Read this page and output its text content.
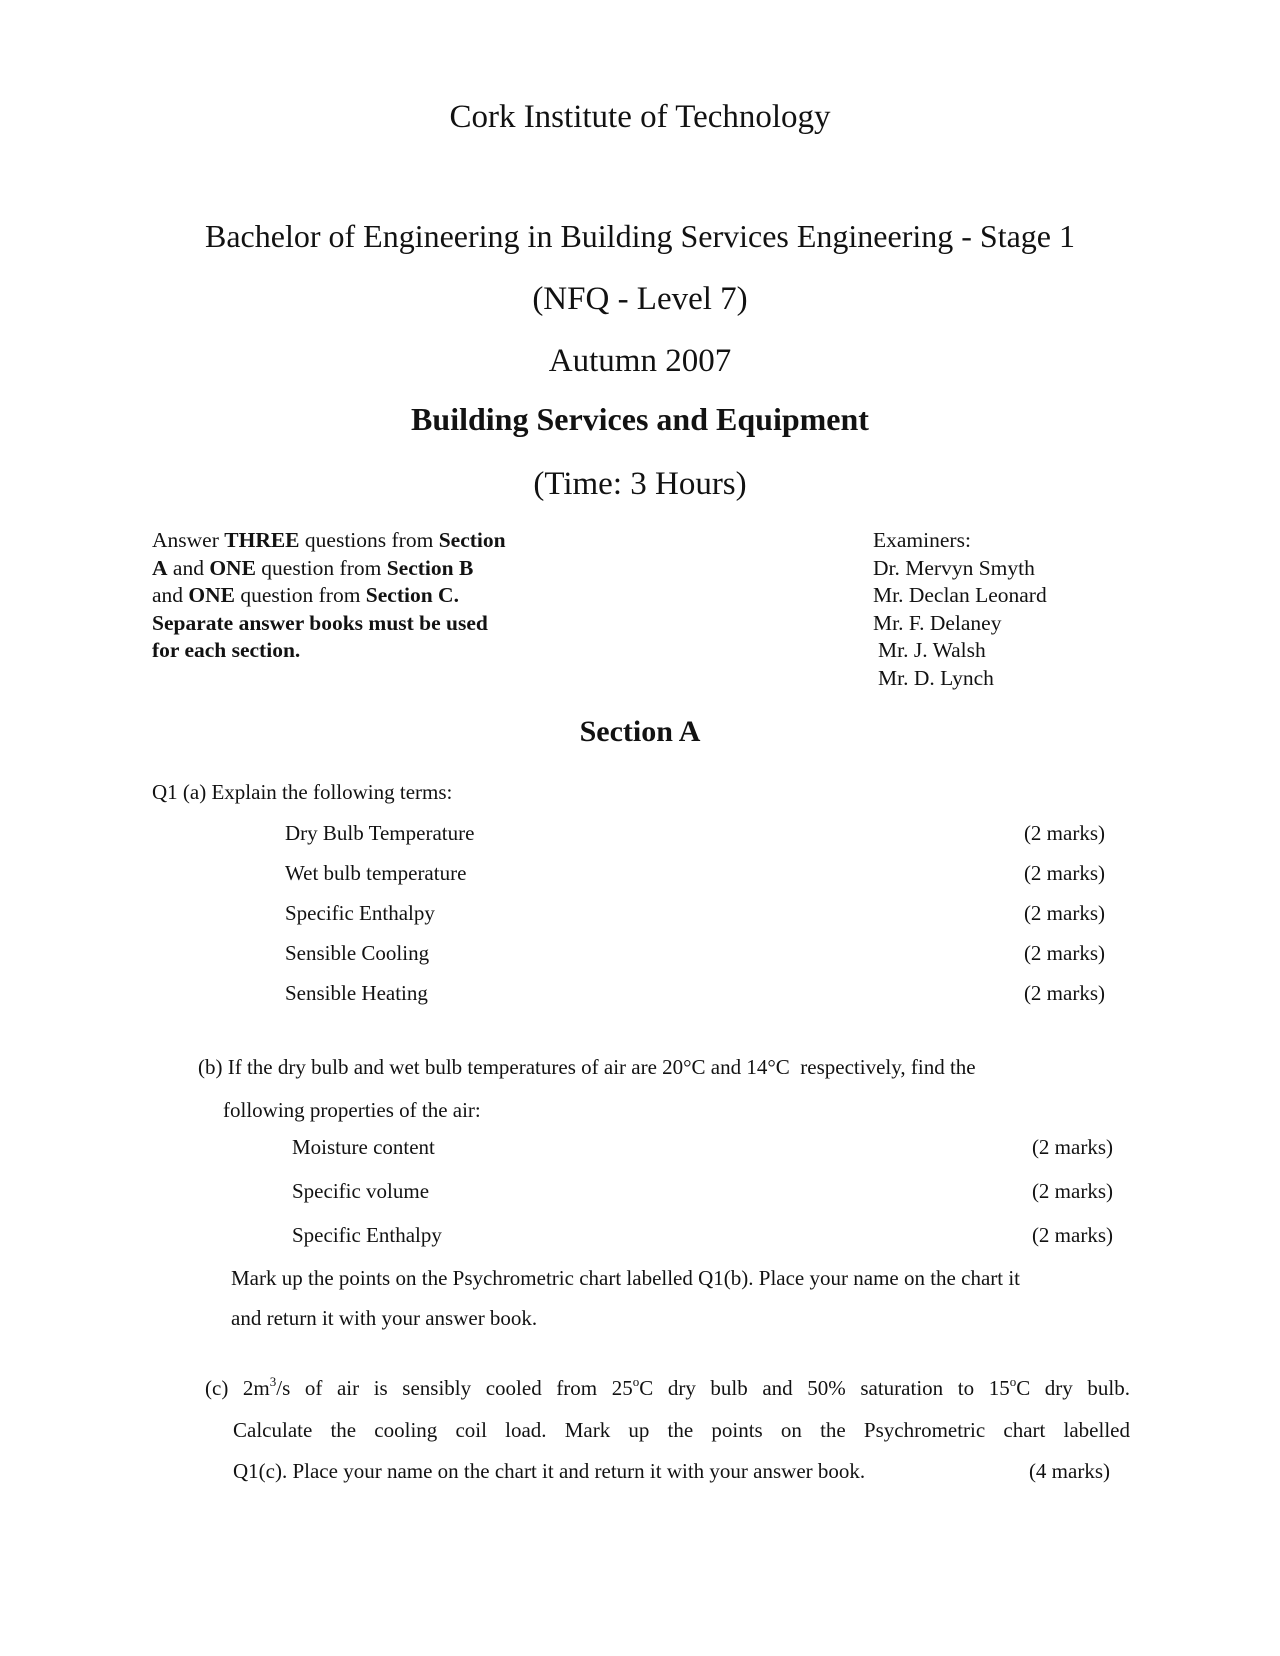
Cork Institute of Technology
Bachelor of Engineering in Building Services Engineering - Stage 1
(NFQ - Level 7)
Autumn 2007
Building Services and Equipment
(Time: 3 Hours)
Answer THREE questions from Section
A and ONE question from Section B
and ONE question from Section C.
Separate answer books must be used
for each section.
Examiners:
Dr. Mervyn Smyth
Mr. Declan Leonard
Mr. F. Delaney
Mr. J. Walsh
Mr. D. Lynch
Section A
Q1 (a) Explain the following terms:
Dry Bulb Temperature	(2 marks)
Wet bulb temperature	(2 marks)
Specific Enthalpy	(2 marks)
Sensible Cooling	(2 marks)
Sensible Heating	(2 marks)
(b) If the dry bulb and wet bulb temperatures of air are 20°C and 14°C  respectively, find the
following properties of the air:
Moisture content	(2 marks)
Specific volume	(2 marks)
Specific Enthalpy	(2 marks)
Mark up the points on the Psychrometric chart labelled Q1(b). Place your name on the chart it
and return it with your answer book.
(c) $2m^3/s$ of air is sensibly cooled from 25$^o$C dry bulb and 50% saturation to 15$^o$C dry bulb.
Calculate the cooling coil load. Mark up the points on the Psychrometric chart labelled
Q1(c). Place your name on the chart it and return it with your answer book.	(4 marks)
